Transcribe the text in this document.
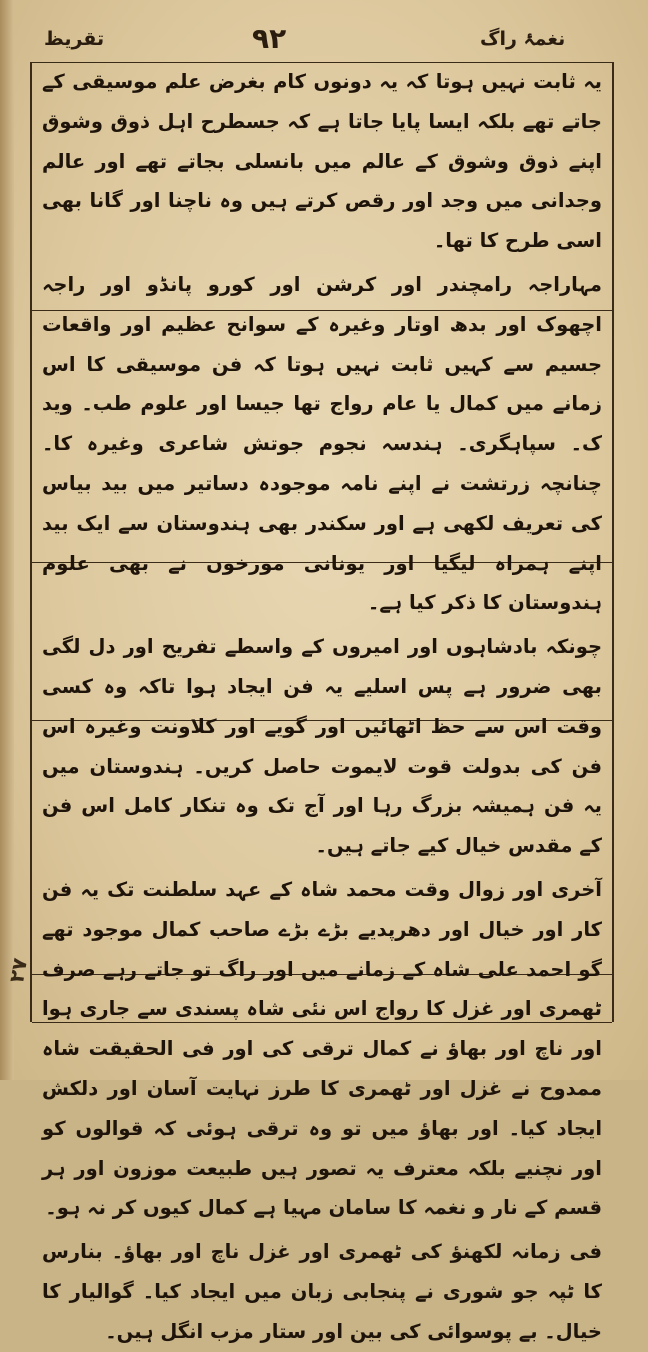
تقریظ	۹۲	نغمۂ راگ

یہ ثابت نہیں ہوتا کہ یہ دونوں کام بغرض علم موسیقی کے جاتے تھے بلکہ ایسا پایا جاتا ہے کہ جسطرح اہل ذوق وشوق اپنے ذوق وشوق کے عالم میں بانسلی بجاتے تھے اور عالم وجدانی میں وجد اور رقص کرتے ہیں وہ ناچنا اور گانا بھی اسی طرح کا تھا۔

مہاراجہ رامچندر اور کرشن اور کورو پانڈو اور راجہ اچھوک اور بدھ اوتار وغیرہ کے سوانح عظیم اور واقعات جسیم سے کہیں ثابت نہیں ہوتا کہ فن موسیقی کا اس زمانے میں کمال یا عام رواج تھا جیسا اور علوم طب۔ وید ک۔ سپاہگری۔ ہندسہ نجوم جوتش شاعری وغیرہ کا۔ چنانچہ زرتشت نے اپنے نامہ موجودہ دساتیر میں بید بیاس کی تعریف لکھی ہے اور سکندر بھی ہندوستان سے ایک بید اپنے ہمراہ لیگیا اور یونانی مورخوں نے بھی علوم ہندوستان کا ذکر کیا ہے۔

چونکہ بادشاہوں اور امیروں کے واسطے تفریح اور دل لگی بھی ضرور ہے پس اسلیے یہ فن ایجاد ہوا تاکہ وہ کسی وقت اس سے حظ اٹھائیں اور گویے اور کلاونت وغیرہ اس فن کی بدولت قوت لایموت حاصل کریں۔ ہندوستان میں یہ فن ہمیشہ بزرگ رہا اور آج تک وہ تنکار کامل اس فن کے مقدس خیال کیے جاتے ہیں۔

آخری اور زوال وقت محمد شاہ کے عہد سلطنت تک یہ فن کار اور خیال اور دھرپدیے بڑے بڑے صاحب کمال موجود تھے گو احمد علی شاہ کے زمانے میں اور راگ تو جاتے رہے صرف ٹھمری اور غزل کا رواج اس نئی شاہ پسندی سے جاری ہوا اور ناچ اور بھاؤ نے کمال ترقی کی اور فی الحقیقت شاہ ممدوح نے غزل اور ٹھمری کا طرز نہایت آسان اور دلکش ایجاد کیا۔ اور بھاؤ میں تو وہ ترقی ہوئی کہ قوالوں کو اور نچنیے بلکہ معترف یہ تصور ہیں طبیعت موزون اور ہر قسم کے نار و نغمہ کا سامان مہیا ہے کمال کیوں کر نہ ہو۔

فی زمانہ لکھنؤ کی ٹھمری اور غزل ناچ اور بھاؤ۔ بنارس کا ٹپہ جو شوری نے پنجابی زبان میں ایجاد کیا۔ گوالیار کا خیال۔ بے پوسوائی کی بین اور ستار مزب انگل ہیں۔

۲۷
